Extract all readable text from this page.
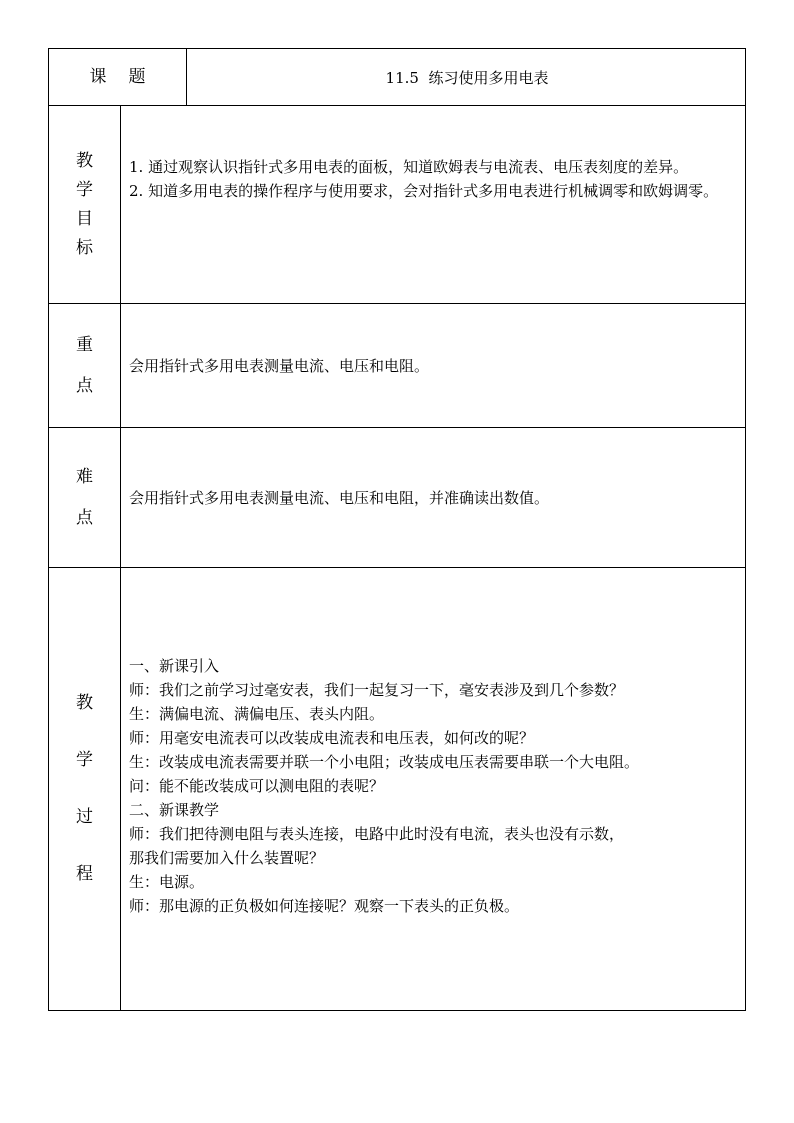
课 题	11.5  练习使用多用电表
教
学
目
标
1. 通过观察认识指针式多用电表的面板，知道欧姆表与电流表、电压表刻度的差异。
2. 知道多用电表的操作程序与使用要求，会对指针式多用电表进行机械调零和欧姆调零。
重
点
会用指针式多用电表测量电流、电压和电阻。
难
点
会用指针式多用电表测量电流、电压和电阻，并准确读出数值。
教
学
过
程
一、新课引入
师：我们之前学习过毫安表，我们一起复习一下，毫安表涉及到几个参数？
生：满偏电流、满偏电压、表头内阻。
师：用毫安电流表可以改装成电流表和电压表，如何改的呢？
生：改装成电流表需要并联一个小电阻；改装成电压表需要串联一个大电阻。
问：能不能改装成可以测电阻的表呢？
二、新课教学
师：我们把待测电阻与表头连接，电路中此时没有电流，表头也没有示数，
那我们需要加入什么装置呢？
生：电源。
师：那电源的正负极如何连接呢？观察一下表头的正负极。
